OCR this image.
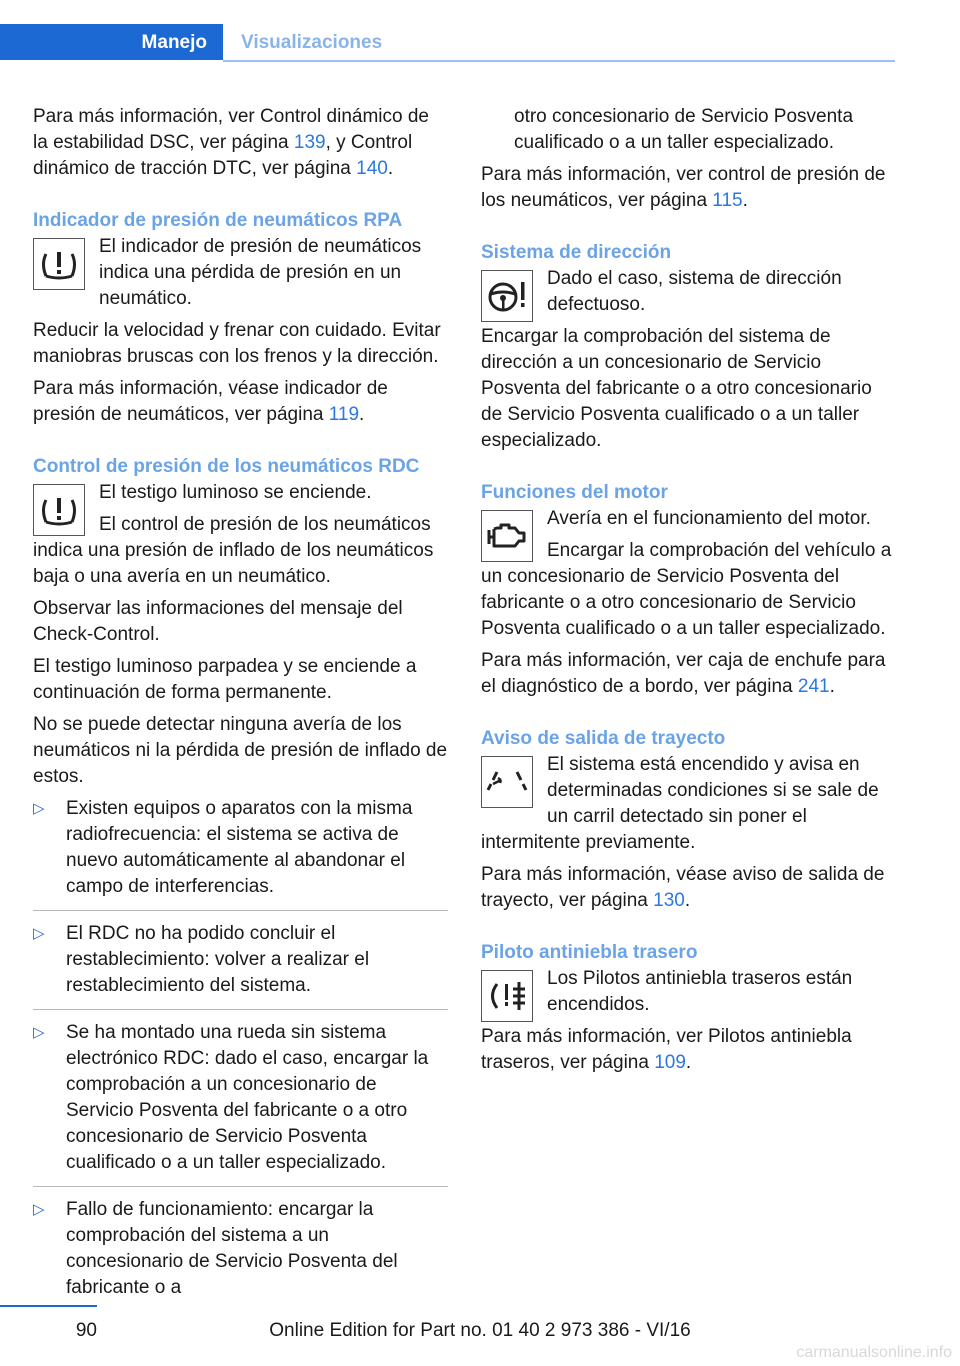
Manejo	Visualizaciones

Para más información, ver Control dinámico de la estabilidad DSC, ver página 139, y Control dinámico de tracción DTC, ver página 140.

Indicador de presión de neumáticos RPA

El indicador de presión de neumáticos indica una pérdida de presión en un neumático.

Reducir la velocidad y frenar con cuidado. Evitar maniobras bruscas con los frenos y la dirección.

Para más información, véase indicador de presión de neumáticos, ver página 119.

Control de presión de los neumáticos RDC

El testigo luminoso se enciende.

El control de presión de los neumáticos indica una presión de inflado de los neumáticos baja o una avería en un neumático.

Observar las informaciones del mensaje del Check-Control.

El testigo luminoso parpadea y se enciende a continuación de forma permanente.

No se puede detectar ninguna avería de los neumáticos ni la pérdida de presión de inflado de estos.

▷ Existen equipos o aparatos con la misma radiofrecuencia: el sistema se activa de nuevo automáticamente al abandonar el campo de interferencias.
▷ El RDC no ha podido concluir el restablecimiento: volver a realizar el restablecimiento del sistema.
▷ Se ha montado una rueda sin sistema electrónico RDC: dado el caso, encargar la comprobación a un concesionario de Servicio Posventa del fabricante o a otro concesionario de Servicio Posventa cualificado o a un taller especializado.
▷ Fallo de funcionamiento: encargar la comprobación del sistema a un concesionario de Servicio Posventa del fabricante o a

otro concesionario de Servicio Posventa cualificado o a un taller especializado.

Para más información, ver control de presión de los neumáticos, ver página 115.

Sistema de dirección

Dado el caso, sistema de dirección defectuoso.

Encargar la comprobación del sistema de dirección a un concesionario de Servicio Posventa del fabricante o a otro concesionario de Servicio Posventa cualificado o a un taller especializado.

Funciones del motor

Avería en el funcionamiento del motor.

Encargar la comprobación del vehículo a un concesionario de Servicio Posventa del fabricante o a otro concesionario de Servicio Posventa cualificado o a un taller especializado.

Para más información, ver caja de enchufe para el diagnóstico de a bordo, ver página 241.

Aviso de salida de trayecto

El sistema está encendido y avisa en determinadas condiciones si se sale de un carril detectado sin poner el intermitente previamente.

Para más información, véase aviso de salida de trayecto, ver página 130.

Piloto antiniebla trasero

Los Pilotos antiniebla traseros están encendidos.

Para más información, ver Pilotos antiniebla traseros, ver página 109.

90	Online Edition for Part no. 01 40 2 973 386 - VI/16
carmanualsonline.info
